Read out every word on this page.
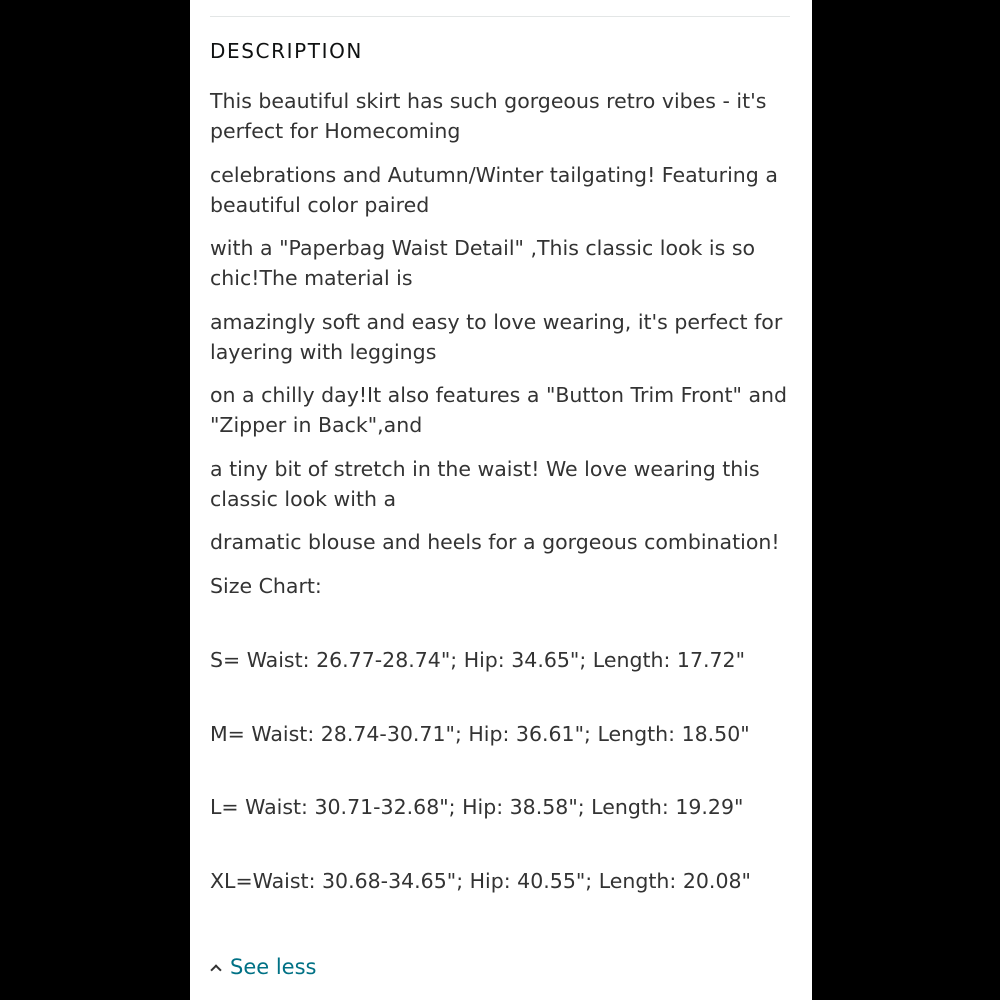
DESCRIPTION

This beautiful skirt has such gorgeous retro vibes - it's perfect for Homecoming

celebrations and Autumn/Winter tailgating! Featuring a beautiful color paired

with a "Paperbag Waist Detail" ,This classic look is so chic!The material is

amazingly soft and easy to love wearing, it's perfect for layering with leggings

on a chilly day!It also features a "Button Trim Front" and "Zipper in Back",and

a tiny bit of stretch in the waist! We love wearing this classic look with a

dramatic blouse and heels for a gorgeous combination!

Size Chart:

S= Waist: 26.77-28.74"; Hip: 34.65"; Length: 17.72"

M= Waist: 28.74-30.71"; Hip: 36.61"; Length: 18.50"

L= Waist: 30.71-32.68"; Hip: 38.58"; Length: 19.29"

XL=Waist: 30.68-34.65"; Hip: 40.55"; Length: 20.08"

See less
